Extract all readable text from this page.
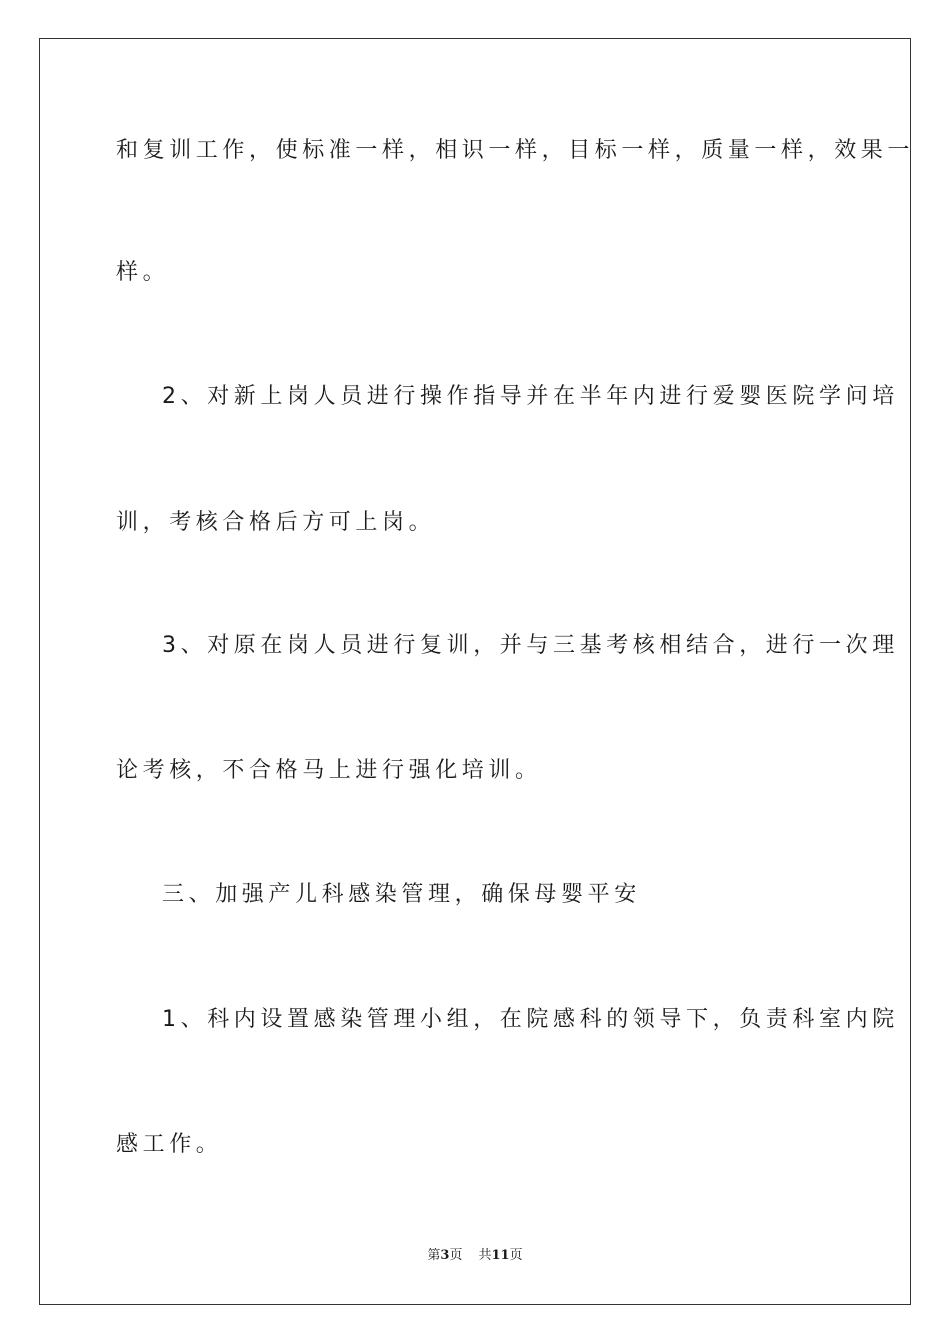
和复训工作，使标准一样，相识一样，目标一样，质量一样，效果一
样。
2、对新上岗人员进行操作指导并在半年内进行爱婴医院学问培
训，考核合格后方可上岗。
3、对原在岗人员进行复训，并与三基考核相结合，进行一次理
论考核，不合格马上进行强化培训。
三、加强产儿科感染管理，确保母婴平安
1、科内设置感染管理小组，在院感科的领导下，负责科室内院
感工作。
第3页 共11页
